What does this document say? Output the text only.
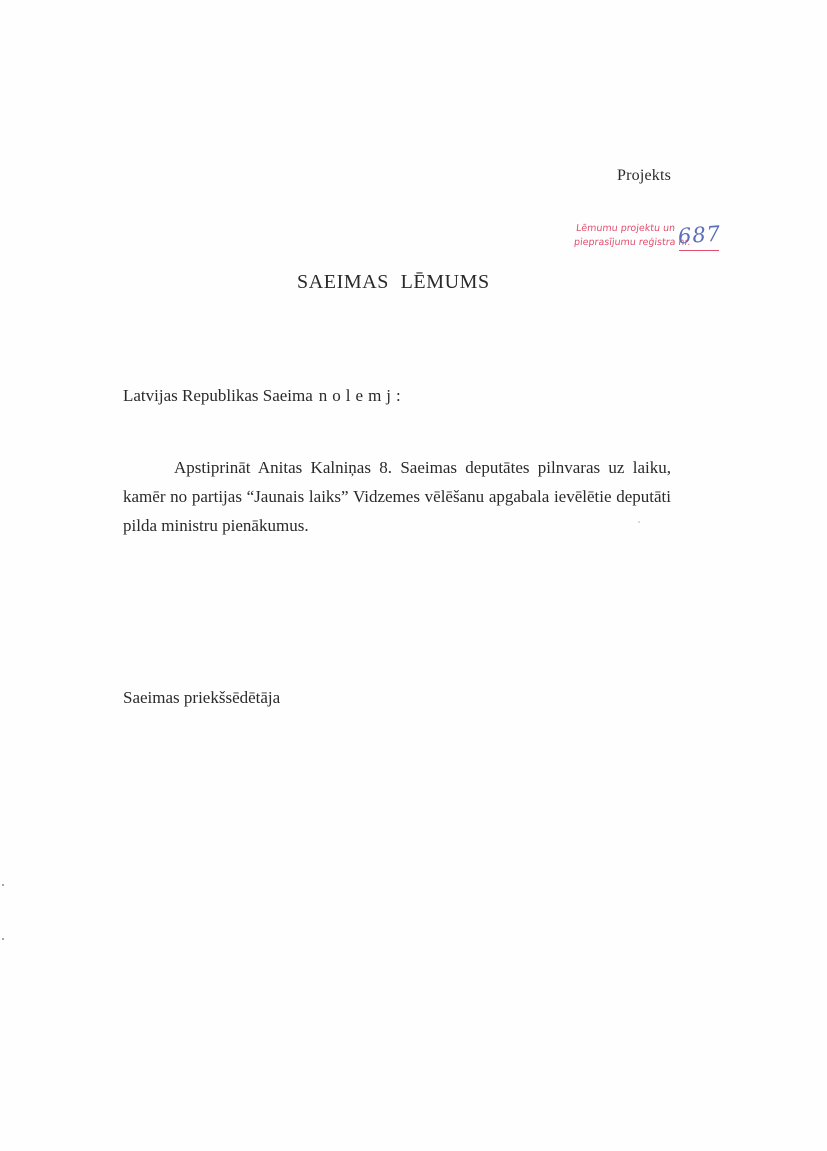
Projekts
Lēmumu projektu un
pieprasījumu reģistra nr.
687
SAEIMAS LĒMUMS
Latvijas Republikas Saeima nolemj:
Apstiprināt Anitas Kalniņas 8. Saeimas deputātes pilnvaras uz laiku, kamēr no partijas “Jaunais laiks” Vidzemes vēlēšanu apgabala ievēlētie deputāti pilda ministru pienākumus.
Saeimas priekšsēdētāja
